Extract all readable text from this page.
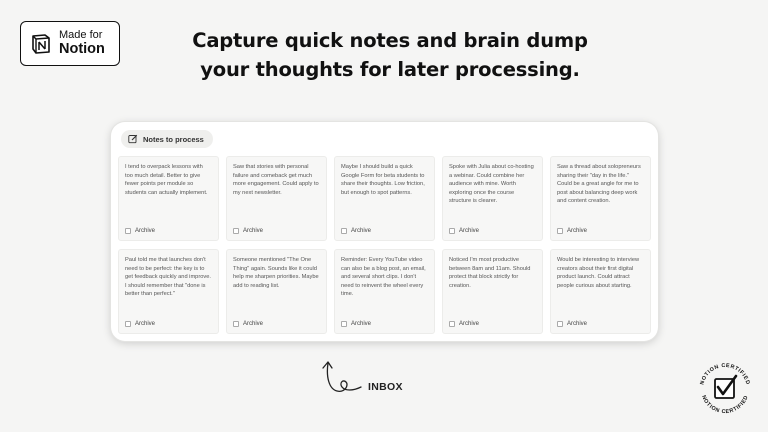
Made for
Notion	Capture quick notes and brain dump
your thoughts for later processing.
Notes to process
I tend to overpack lessons with too much detail. Better to give fewer points per module so students can actually implement.
Archive
Saw that stories with personal failure and comeback get much more engagement. Could apply to my next newsletter.
Archive
Maybe I should build a quick Google Form for beta students to share their thoughts. Low friction, but enough to spot patterns.
Archive
Spoke with Julia about co-hosting a webinar. Could combine her audience with mine. Worth exploring once the course structure is clearer.
Archive
Saw a thread about solopreneurs sharing their "day in the life." Could be a great angle for me to post about balancing deep work and content creation.
Archive
Paul told me that launches don't need to be perfect: the key is to get feedback quickly and improve. I should remember that "done is better than perfect."
Archive
Someone mentioned "The One Thing" again. Sounds like it could help me sharpen priorities. Maybe add to reading list.
Archive
Reminder: Every YouTube video can also be a blog post, an email, and several short clips. I don't need to reinvent the wheel every time.
Archive
Noticed I'm most productive between 8am and 11am. Should protect that block strictly for creation.
Archive
Would be interesting to interview creators about their first digital product launch. Could attract people curious about starting.
Archive
INBOX	NOTION CERTIFIED
NOTION CERTIFIED
